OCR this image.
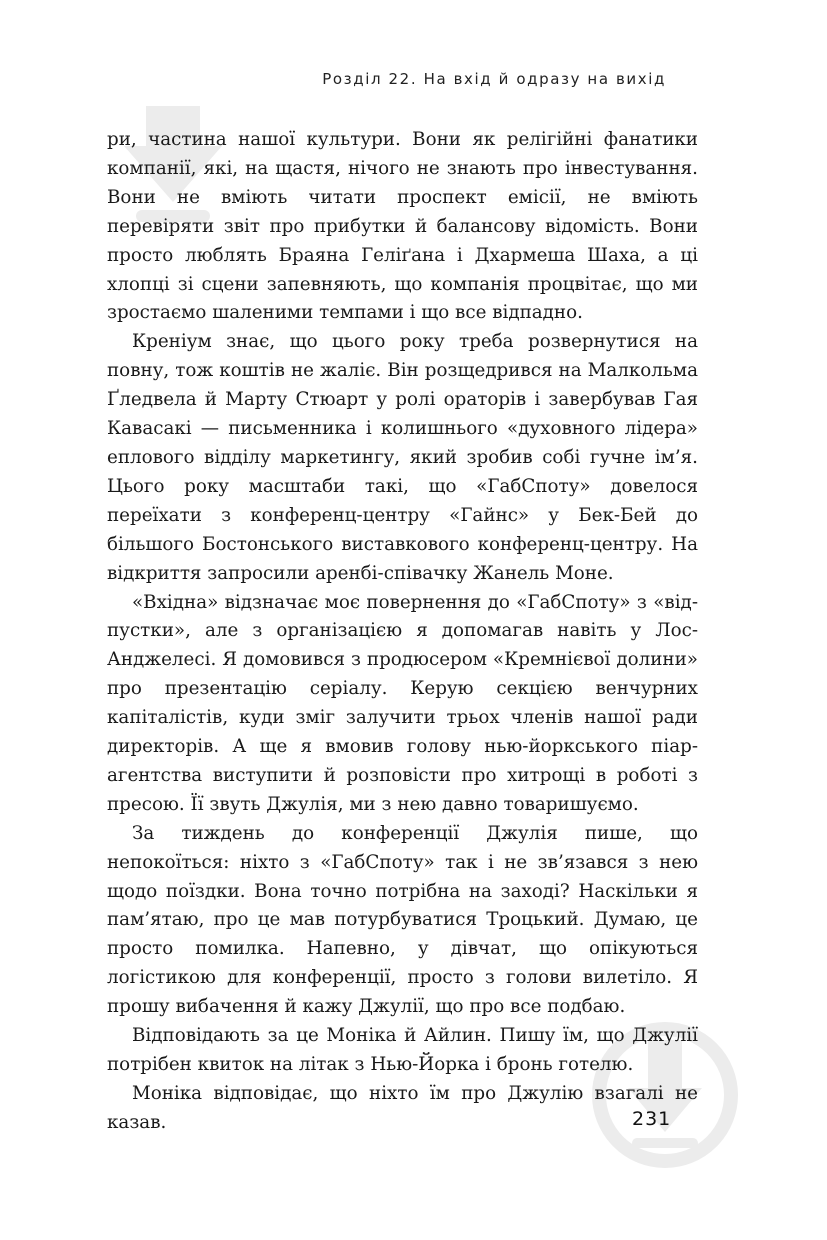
Розділ 22. На вхід й одразу на вихід

ри, частина нашої культури. Вони як релігійні фанатики компанії, які, на щастя, нічого не знають про інвестування. Вони не вміють читати проспект емісії, не вміють перевіряти звіт про прибутки й балансову відомість. Вони просто люблять Браяна Геліґана і Дхармеша Шаха, а ці хлопці зі сцени запевняють, що компанія процвітає, що ми зростаємо шаленими темпами і що все відпадно.

Креніум знає, що цього року треба розвернутися на повну, тож коштів не жаліє. Він розщедрився на Малкольма Ґледвела й Марту Стюарт у ролі ораторів і завербував Гая Кавасакі — письменника і колишнього «духовного лідера» еплового відділу маркетингу, який зробив собі гучне ім’я. Цього року масштаби такі, що «ГабСпоту» довелося переїхати з конференц-центру «Гайнс» у Бек-Бей до більшого Бостонського виставкового конференц-центру. На відкриття запросили аренбі-співачку Жанель Моне.

«Вхідна» відзначає моє повернення до «ГабСпоту» з «відпустки», але з організацією я допомагав навіть у Лос-Анджелесі. Я домовився з продюсером «Кремнієвої долини» про презентацію серіалу. Керую секцією венчурних капіталістів, куди зміг залучити трьох членів нашої ради директорів. А ще я вмовив голову нью-йоркського піар-агентства виступити й розповісти про хитрощі в роботі з пресою. Її звуть Джулія, ми з нею давно товаришуємо.

За тиждень до конференції Джулія пише, що непокоїться: ніхто з «ГабСпоту» так і не зв’язався з нею щодо поїздки. Вона точно потрібна на заході? Наскільки я пам’ятаю, про це мав потурбуватися Троцький. Думаю, це просто помилка. Напевно, у дівчат, що опікуються логістикою для конференції, просто з голови вилетіло. Я прошу вибачення й кажу Джулії, що про все подбаю.

Відповідають за це Моніка й Айлин. Пишу їм, що Джулії потрібен квиток на літак з Нью-Йорка і бронь готелю.

Моніка відповідає, що ніхто їм про Джулію взагалі не казав.	231
